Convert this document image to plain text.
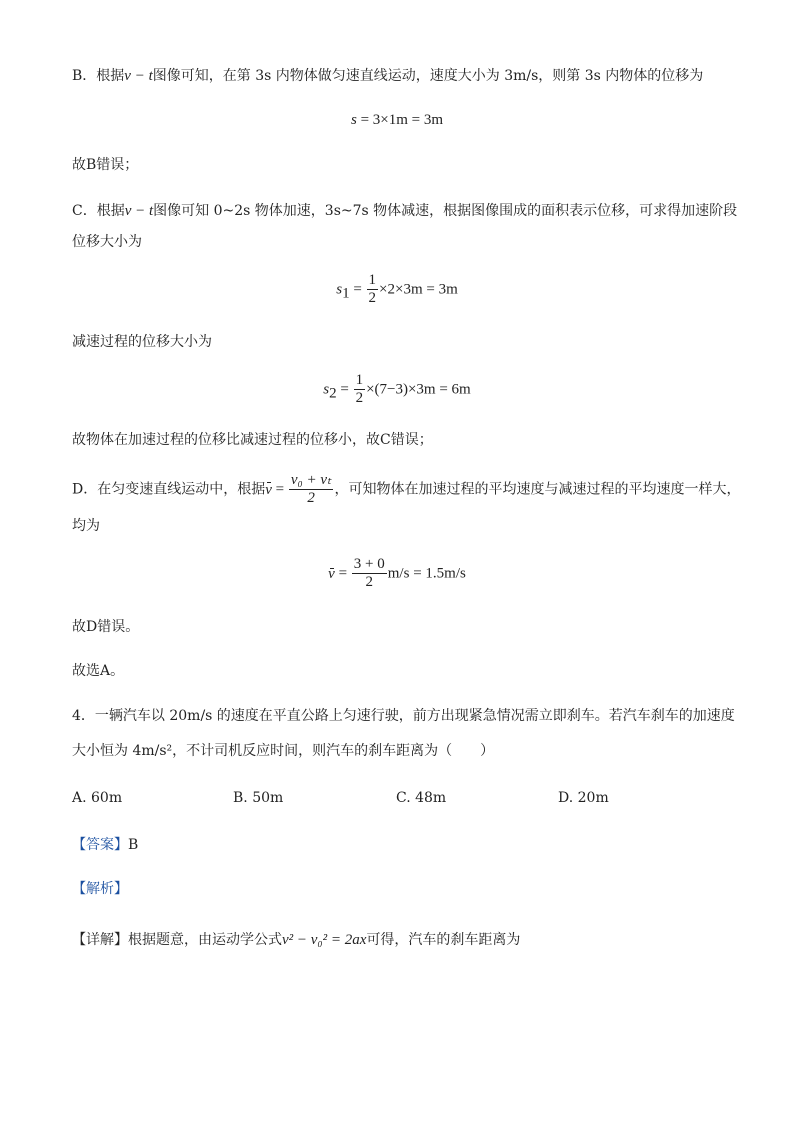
B．根据v − t图像可知，在第 3s 内物体做匀速直线运动，速度大小为 3m/s，则第 3s 内物体的位移为
s = 3×1m = 3m
故B错误；
C．根据v − t图像可知 0~2s 物体加速，3s~7s 物体减速，根据图像围成的面积表示位移，可求得加速阶段
位移大小为
$s_1 = \frac{1}{2} \times 2\times 3m = 3m$
减速过程的位移大小为
$s_2 = \frac{1}{2} \times(7-3)\times 3m = 6m$
故物体在加速过程的位移比减速过程的位移小，故C错误；
D．在匀变速直线运动中，根据$v = \frac{\text{v₀ + vₜ}}{2}$ ，可知物体在加速过程的平均速度与减速过程的平均速度一样大，
均为
$v = \frac{3 + 0}{2} m/s = 1.5m/s$
故D错误。
故选A。
4．一辆汽车以 20m/s 的速度在平直公路上匀速行驶，前方出现紧急情况需立即刹车。若汽车刹车的加速度
大小恒为 4m/s²，不计司机反应时间，则汽车的刹车距离为（　　）
A. 60m	B. 50m	C. 48m	D. 20m
【答案】B
【解析】
【详解】根据题意，由运动学公式v² − v₀² = 2ax可得，汽车的刹车距离为
